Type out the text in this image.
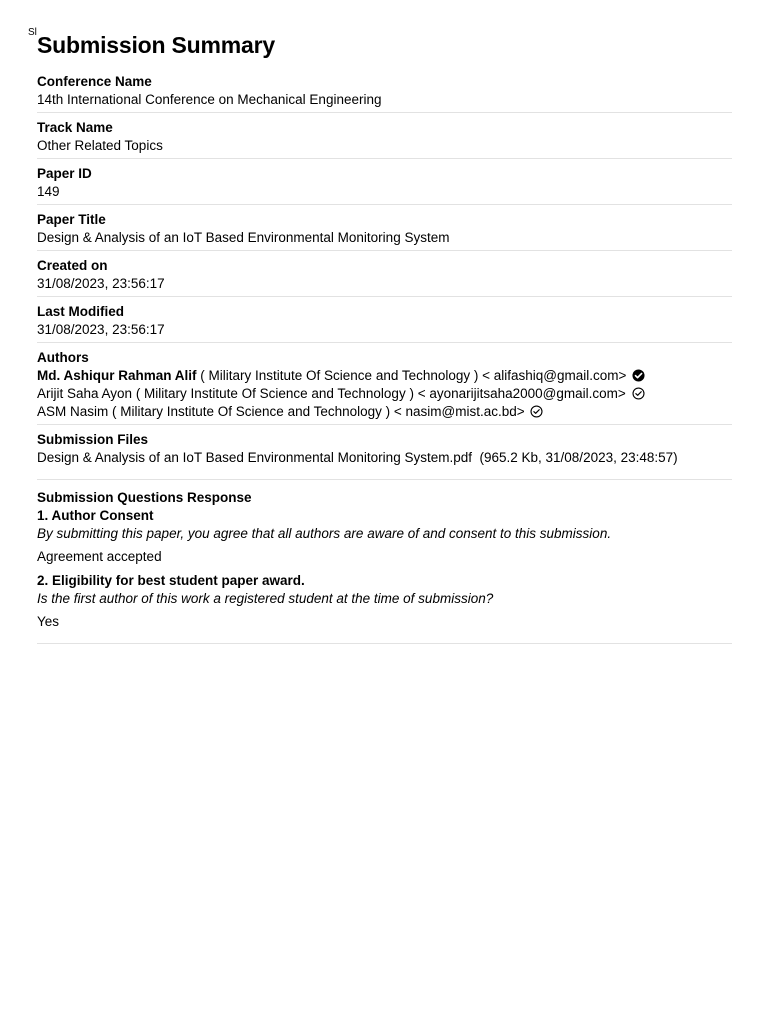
Sl Submission Summary
Conference Name
14th International Conference on Mechanical Engineering
Track Name
Other Related Topics
Paper ID
149
Paper Title
Design & Analysis of an IoT Based Environmental Monitoring System
Created on
31/08/2023, 23:56:17
Last Modified
31/08/2023, 23:56:17
Authors
Md. Ashiqur Rahman Alif ( Military Institute Of Science and Technology ) < alifashiq@gmail.com>
Arijit Saha Ayon ( Military Institute Of Science and Technology ) < ayonarijitsaha2000@gmail.com>
ASM Nasim ( Military Institute Of Science and Technology ) < nasim@mist.ac.bd>
Submission Files
Design & Analysis of an IoT Based Environmental Monitoring System.pdf  (965.2 Kb, 31/08/2023, 23:48:57)
Submission Questions Response
1. Author Consent
By submitting this paper, you agree that all authors are aware of and consent to this submission.
Agreement accepted
2. Eligibility for best student paper award.
Is the first author of this work a registered student at the time of submission?
Yes
